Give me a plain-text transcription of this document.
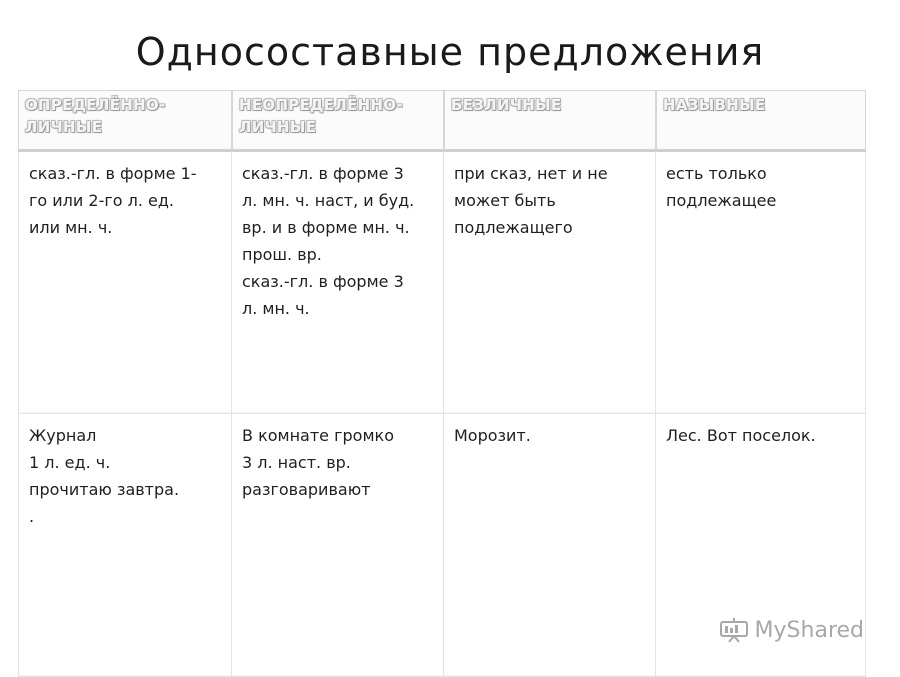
Односоставные предложения
ОПРЕДЕЛЁННО-
ЛИЧНЫЕ
НЕОПРЕДЕЛЁННО-
ЛИЧНЫЕ
БЕЗЛИЧНЫЕ	НАЗЫВНЫЕ
сказ.-гл. в форме 1-
го или 2-го л. ед.
или мн. ч.
сказ.-гл. в форме 3
л. мн. ч. наст, и буд.
вр. и в форме мн. ч.
прош. вр.
сказ.-гл. в форме 3
л. мн. ч.
при сказ, нет и не
может быть
подлежащего
есть только
подлежащее
Журнал
1 л. ед. ч.
прочитаю завтра.
.
В комнате громко
3 л. наст. вр.
разговаривают
Морозит.	Лес. Вот поселок.
MyShared
